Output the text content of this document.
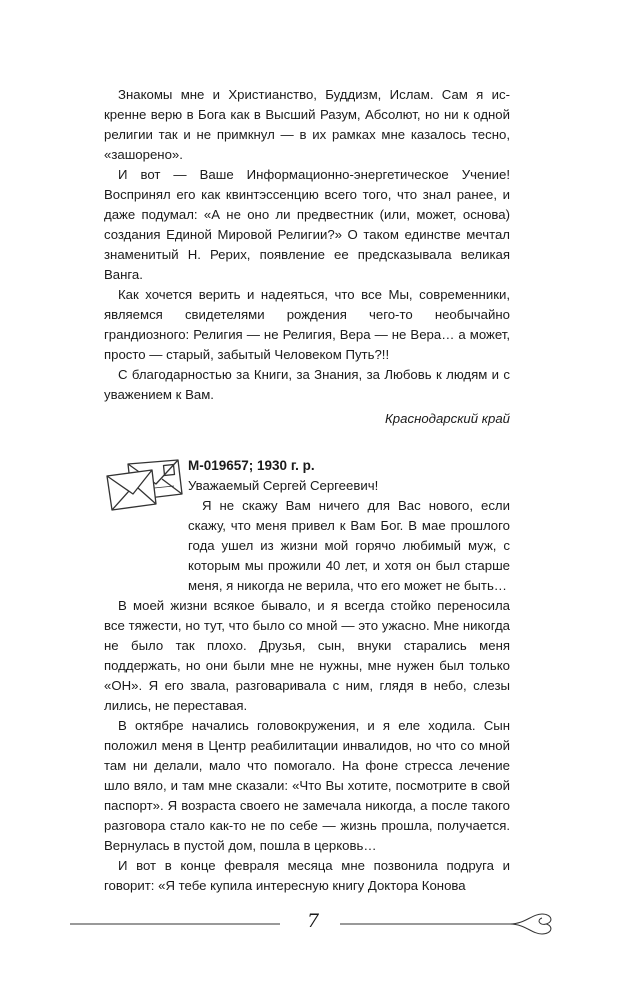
Знакомы мне и Христианство, Буддизм, Ислам. Сам я искренне верю в Бога как в Высший Разум, Абсолют, но ни к одной религии так и не примкнул — в их рамках мне казалось тесно, «зашорено».

И вот — Ваше Информационно-энергетическое Учение! Воспринял его как квинтэссенцию всего того, что знал ранее, и даже подумал: «А не оно ли предвестник (или, может, основа) создания Единой Мировой Религии?» О таком единстве мечтал знаменитый Н. Рерих, появление ее предсказывала великая Ванга.

Как хочется верить и надеяться, что все Мы, современники, являемся свидетелями рождения чего-то необычайно грандиозного: Религия — не Религия, Вера — не Вера… а может, просто — старый, забытый Человеком Путь?!!

С благодарностью за Книги, за Знания, за Любовь к людям и с уважением к Вам.

Краснодарский край

М-019657; 1930 г. р.
Уважаемый Сергей Сергеевич!

Я не скажу Вам ничего для Вас нового, если скажу, что меня привел к Вам Бог. В мае прошлого года ушел из жизни мой горячо любимый муж, с которым мы прожили 40 лет, и хотя он был старше меня, я никогда не верила, что его может не быть…

В моей жизни всякое бывало, и я всегда стойко переносила все тяжести, но тут, что было со мной — это ужасно. Мне никогда не было так плохо. Друзья, сын, внуки старались меня поддержать, но они были мне не нужны, мне нужен был только «ОН». Я его звала, разговаривала с ним, глядя в небо, слезы лились, не переставая.

В октябре начались головокружения, и я еле ходила. Сын положил меня в Центр реабилитации инвалидов, но что со мной там ни делали, мало что помогало. На фоне стресса лечение шло вяло, и там мне сказали: «Что Вы хотите, посмотрите в свой паспорт». Я возраста своего не замечала никогда, а после такого разговора стало как-то не по себе — жизнь прошла, получается. Вернулась в пустой дом, пошла в церковь…

И вот в конце февраля месяца мне позвонила подруга и говорит: «Я тебе купила интересную книгу Доктора Конова

7
